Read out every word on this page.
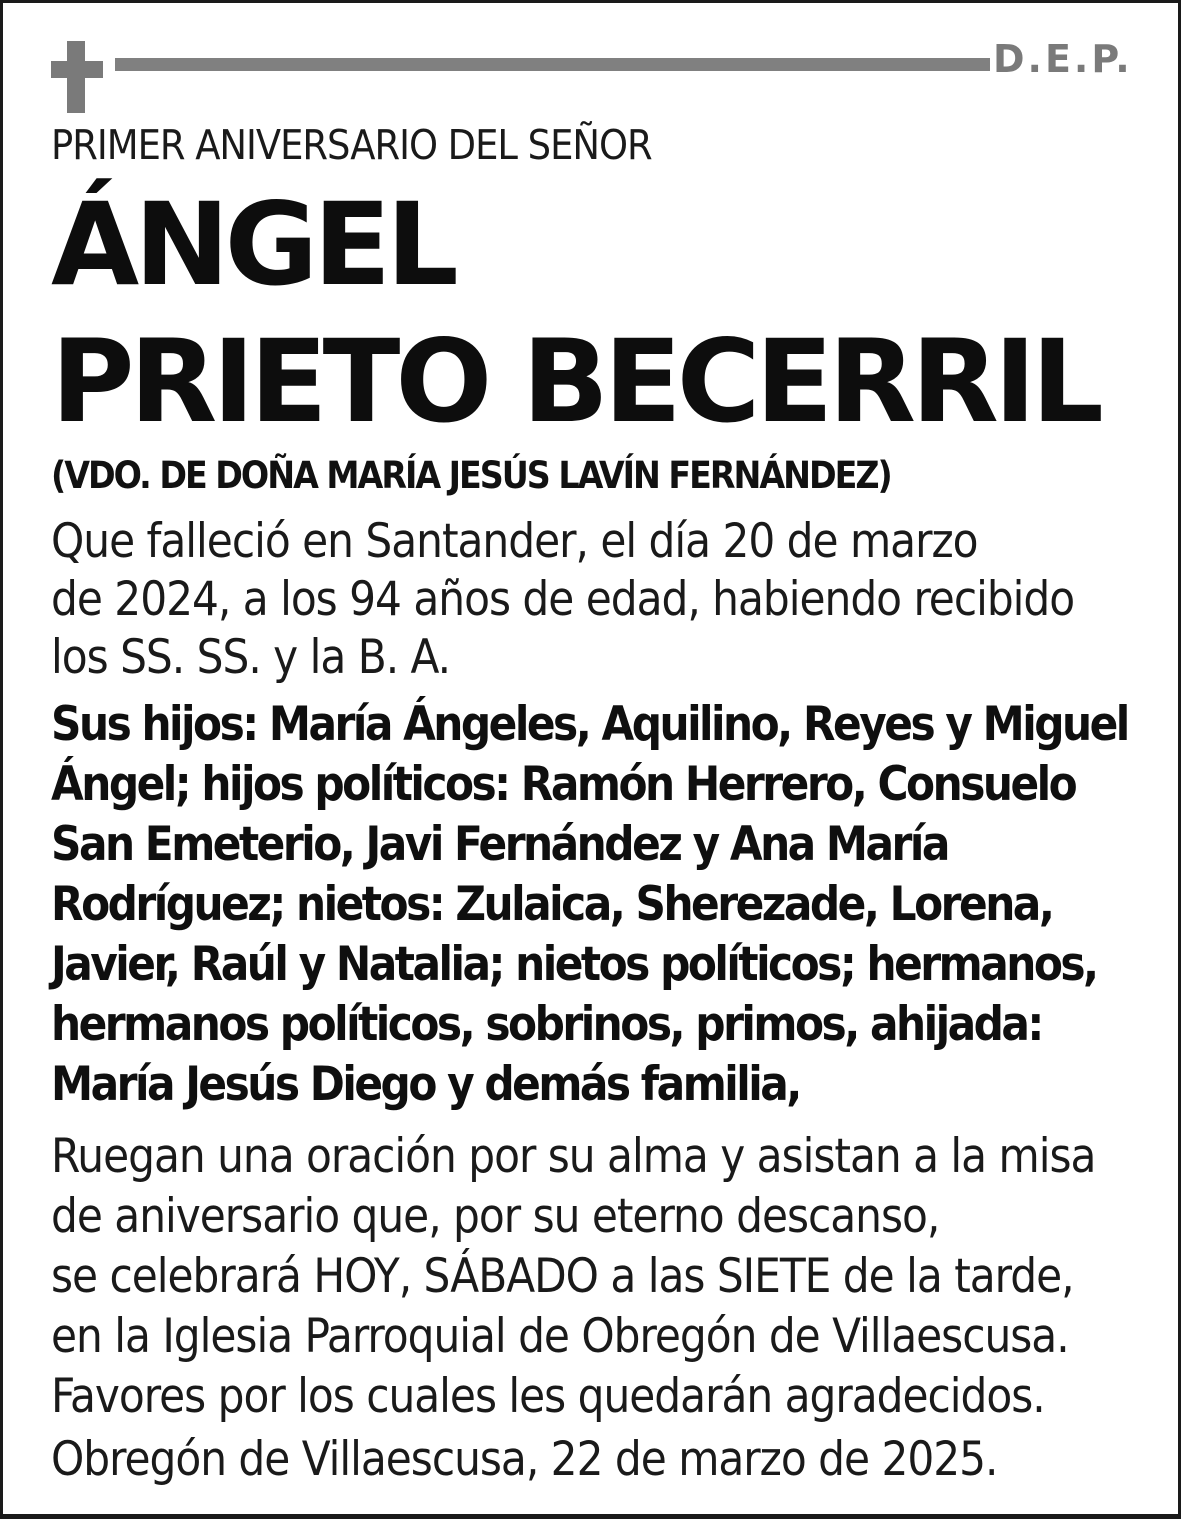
D.E.P.
PRIMER ANIVERSARIO DEL SEÑOR
ÁNGEL
PRIETO BECERRIL
(VDO. DE DOÑA MARÍA JESÚS LAVÍN FERNÁNDEZ)
Que falleció en Santander, el día 20 de marzo
de 2024, a los 94 años de edad, habiendo recibido
los SS. SS. y la B. A.
Sus hijos: María Ángeles, Aquilino, Reyes y Miguel
Ángel; hijos políticos: Ramón Herrero, Consuelo
San Emeterio, Javi Fernández y Ana María
Rodríguez; nietos: Zulaica, Sherezade, Lorena,
Javier, Raúl y Natalia; nietos políticos; hermanos,
hermanos políticos, sobrinos, primos, ahijada:
María Jesús Diego y demás familia,
Ruegan una oración por su alma y asistan a la misa
de aniversario que, por su eterno descanso,
se celebrará HOY, SÁBADO a las SIETE de la tarde,
en la Iglesia Parroquial de Obregón de Villaescusa.
Favores por los cuales les quedarán agradecidos.
Obregón de Villaescusa, 22 de marzo de 2025.
